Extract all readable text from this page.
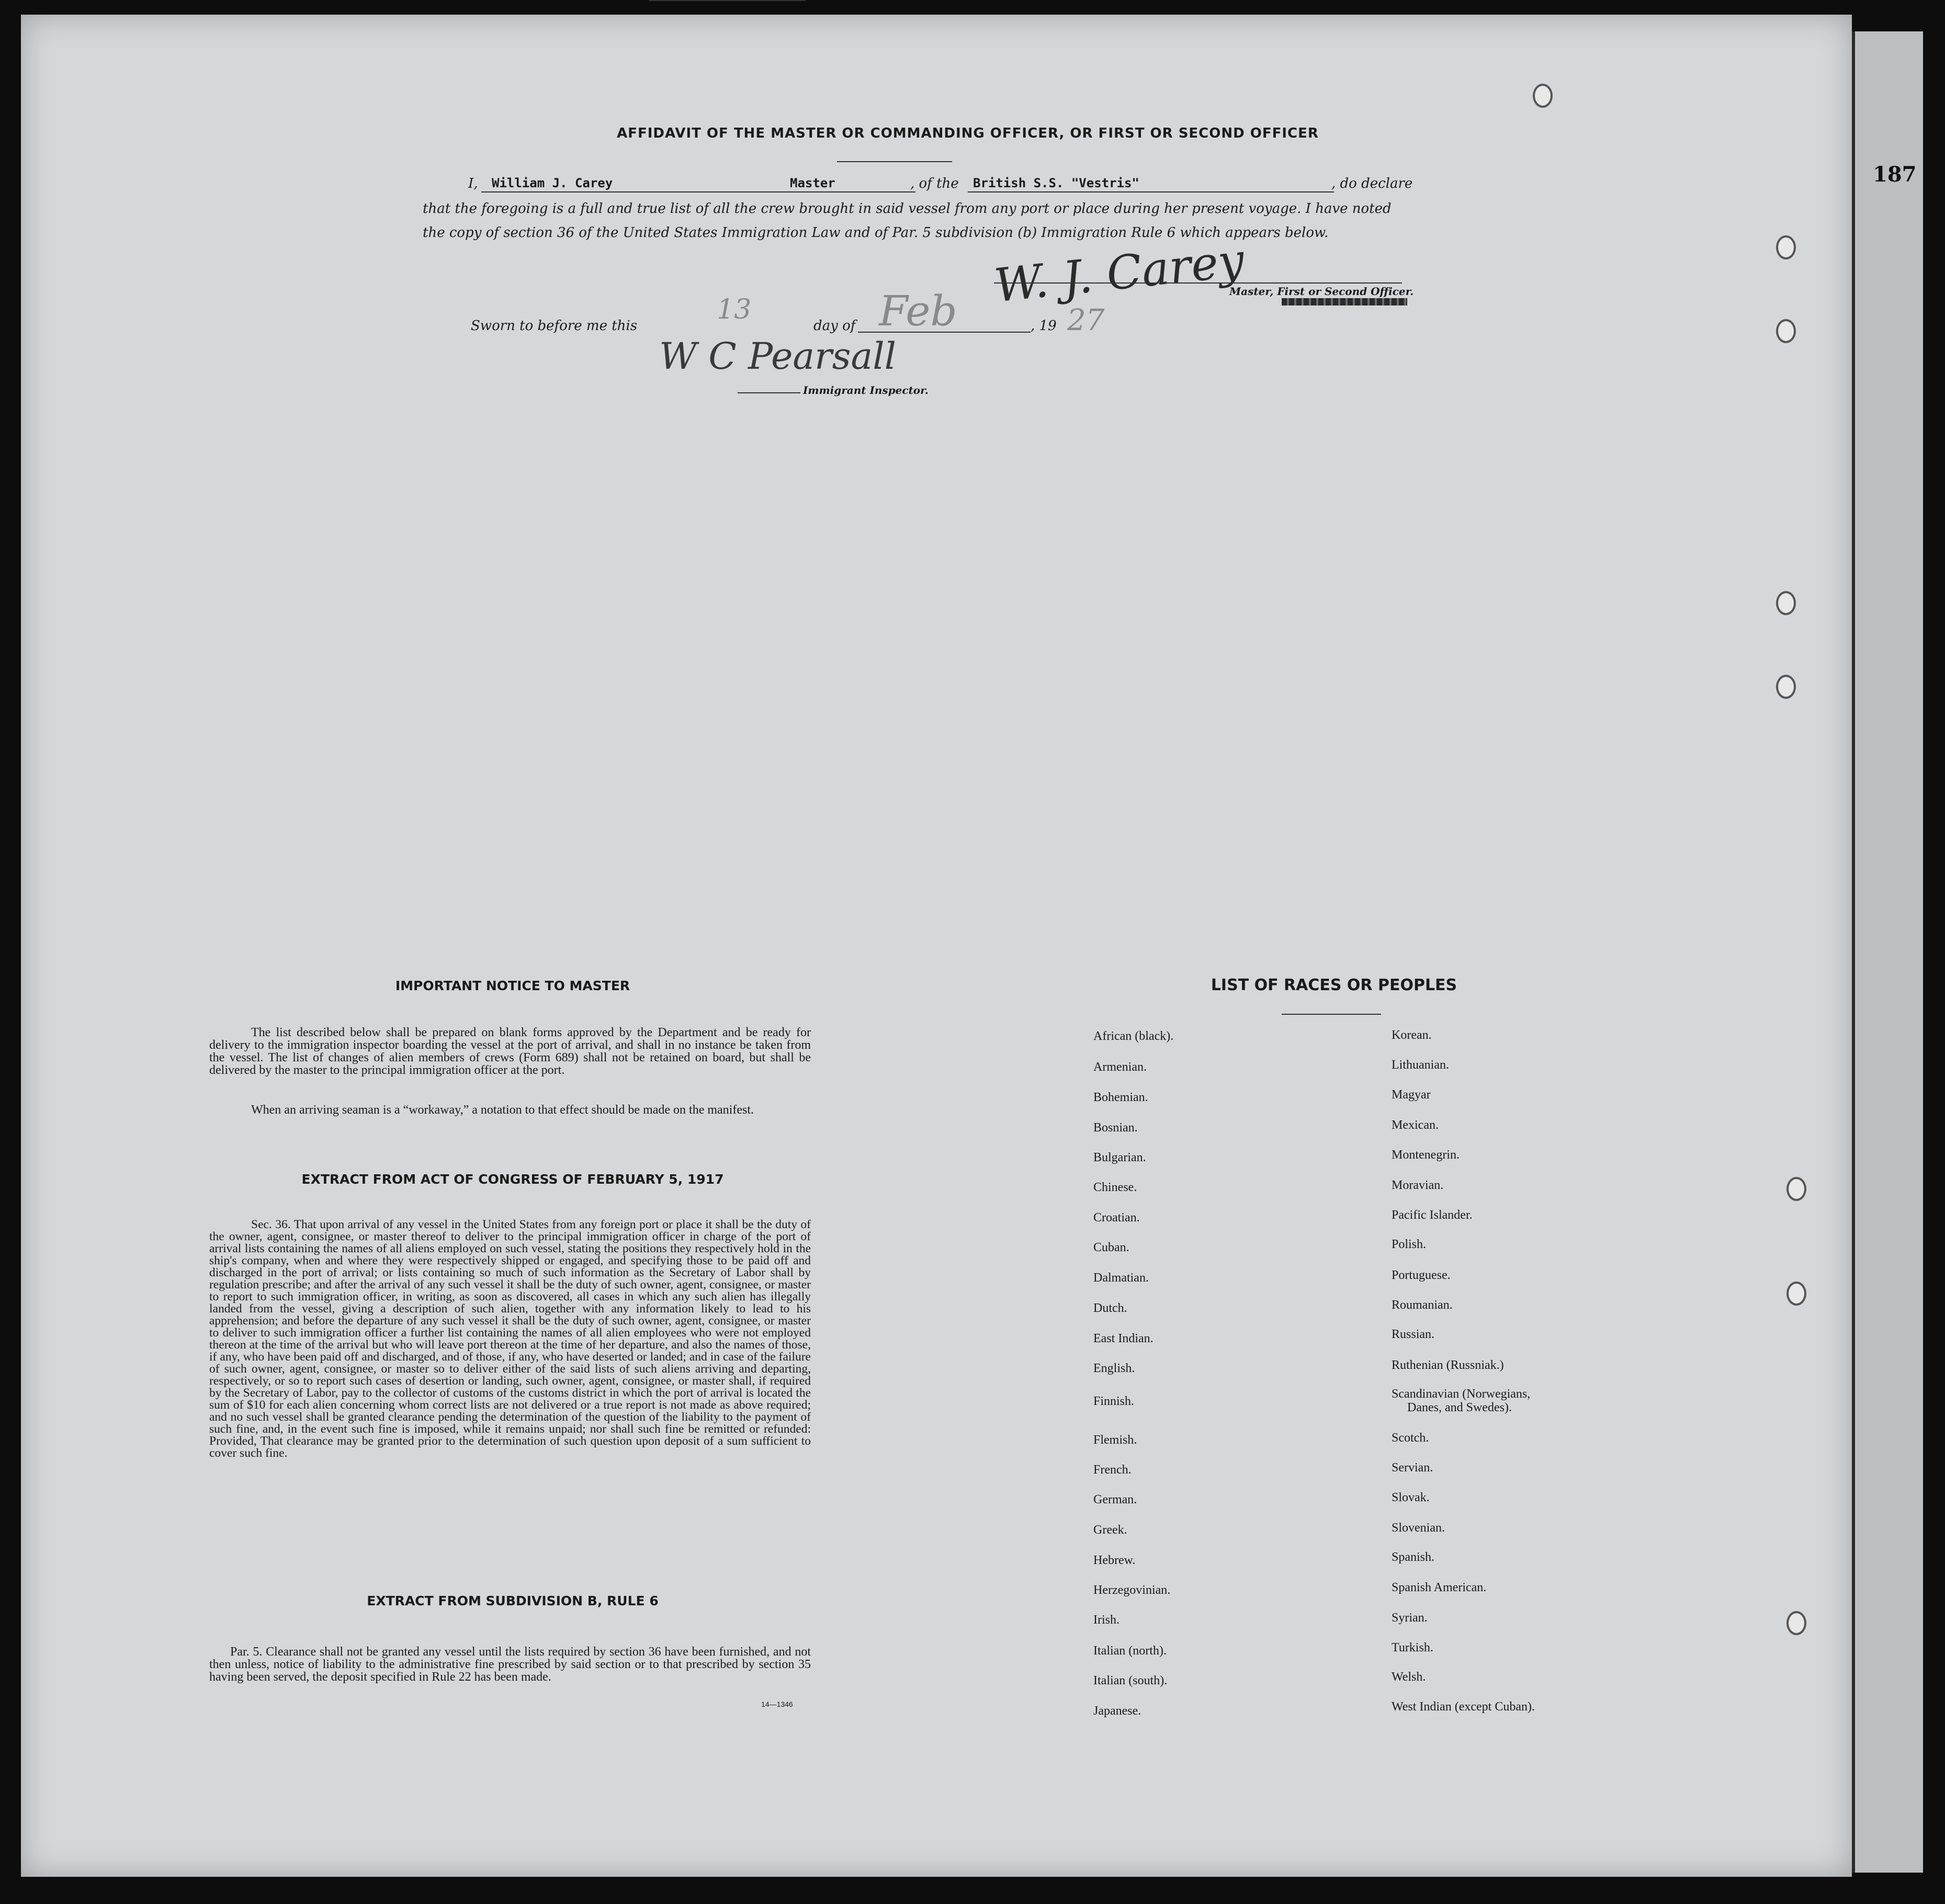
187
AFFIDAVIT OF THE MASTER OR COMMANDING OFFICER, OR FIRST OR SECOND OFFICER
I, William J. Carey	Master	, of the British S.S. "Vestris"	, do declare
that the foregoing is a full and true list of all the crew brought in said vessel from any port or place during her present voyage. I have noted
the copy of section 36 of the United States Immigration Law and of Par. 5 subdivision (b) Immigration Rule 6 which appears below.
W. J. Carey
Master, First or Second Officer.
Sworn to before me this
13
day of Feb	, 19 27
W C Pearsall
Immigrant Inspector.
IMPORTANT NOTICE TO MASTER
The list described below shall be prepared on blank forms approved by the Department and be ready for delivery to the immigration inspector boarding the vessel at the port of arrival, and shall in no instance be taken from the vessel. The list of changes of alien members of crews (Form 689) shall not be retained on board, but shall be delivered by the master to the principal immigration officer at the port.
When an arriving seaman is a “workaway,” a notation to that effect should be made on the manifest.
EXTRACT FROM ACT OF CONGRESS OF FEBRUARY 5, 1917
Sec. 36. That upon arrival of any vessel in the United States from any foreign port or place it shall be the duty of the owner, agent, consignee, or master thereof to deliver to the principal immigration officer in charge of the port of arrival lists containing the names of all aliens employed on such vessel, stating the positions they respectively hold in the ship's company, when and where they were respectively shipped or engaged, and specifying those to be paid off and discharged in the port of arrival; or lists containing so much of such information as the Secretary of Labor shall by regulation prescribe; and after the arrival of any such vessel it shall be the duty of such owner, agent, consignee, or master to report to such immigration officer, in writing, as soon as discovered, all cases in which any such alien has illegally landed from the vessel, giving a description of such alien, together with any information likely to lead to his apprehension; and before the departure of any such vessel it shall be the duty of such owner, agent, consignee, or master to deliver to such immigration officer a further list containing the names of all alien employees who were not employed thereon at the time of the arrival but who will leave port thereon at the time of her departure, and also the names of those, if any, who have been paid off and discharged, and of those, if any, who have deserted or landed; and in case of the failure of such owner, agent, consignee, or master so to deliver either of the said lists of such aliens arriving and departing, respectively, or so to report such cases of desertion or landing, such owner, agent, consignee, or master shall, if required by the Secretary of Labor, pay to the collector of customs of the customs district in which the port of arrival is located the sum of $10 for each alien concerning whom correct lists are not delivered or a true report is not made as above required; and no such vessel shall be granted clearance pending the determination of the question of the liability to the payment of such fine, and, in the event such fine is imposed, while it remains unpaid; nor shall such fine be remitted or refunded: Provided, That clearance may be granted prior to the determination of such question upon deposit of a sum sufficient to cover such fine.
EXTRACT FROM SUBDIVISION B, RULE 6
Par. 5. Clearance shall not be granted any vessel until the lists required by section 36 have been furnished, and not then unless, notice of liability to the administrative fine prescribed by said section or to that prescribed by section 35 having been served, the deposit specified in Rule 22 has been made.
14—1346
LIST OF RACES OR PEOPLES
African (black).
Armenian.
Bohemian.
Bosnian.
Bulgarian.
Chinese.
Croatian.
Cuban.
Dalmatian.
Dutch.
East Indian.
English.
Finnish.
Flemish.
French.
German.
Greek.
Hebrew.
Herzegovinian.
Irish.
Italian (north).
Italian (south).
Japanese.
Korean.
Lithuanian.
Magyar
Mexican.
Montenegrin.
Moravian.
Pacific Islander.
Polish.
Portuguese.
Roumanian.
Russian.
Ruthenian (Russniak.)
Scandinavian (Norwegians,
Danes, and Swedes).
Scotch.
Servian.
Slovak.
Slovenian.
Spanish.
Spanish American.
Syrian.
Turkish.
Welsh.
West Indian (except Cuban).
